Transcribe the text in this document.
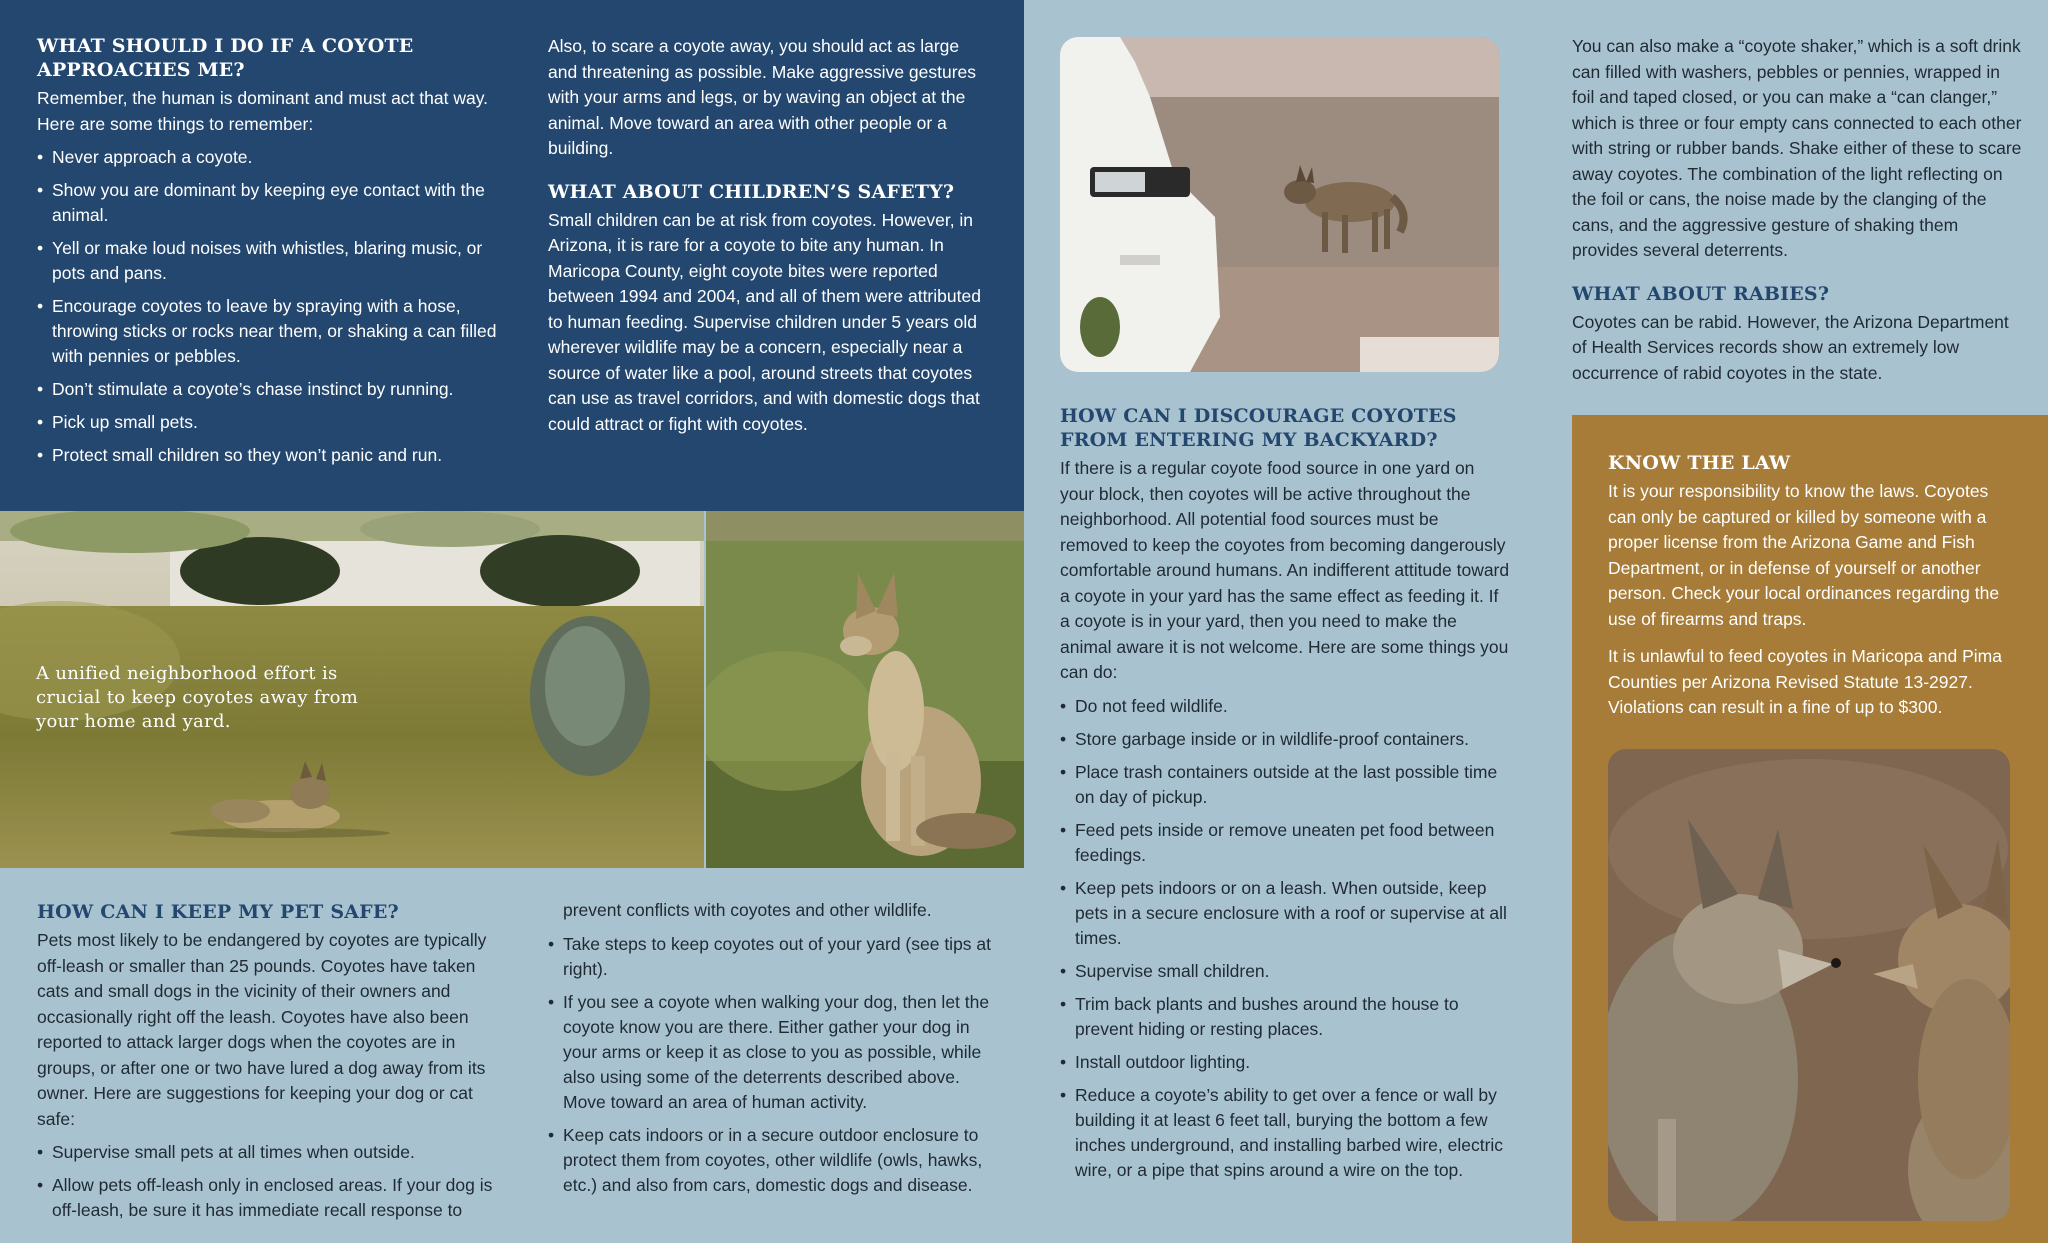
WHAT SHOULD I DO IF A COYOTE APPROACHES ME?

Remember, the human is dominant and must act that way. Here are some things to remember:

• Never approach a coyote.
• Show you are dominant by keeping eye contact with the animal.
• Yell or make loud noises with whistles, blaring music, or pots and pans.
• Encourage coyotes to leave by spraying with a hose, throwing sticks or rocks near them, or shaking a can filled with pennies or pebbles.
• Don’t stimulate a coyote’s chase instinct by running.
• Pick up small pets.
• Protect small children so they won’t panic and run.

Also, to scare a coyote away, you should act as large and threatening as possible. Make aggressive gestures with your arms and legs, or by waving an object at the animal. Move toward an area with other people or a building.

WHAT ABOUT CHILDREN’S SAFETY?

Small children can be at risk from coyotes. However, in Arizona, it is rare for a coyote to bite any human. In Maricopa County, eight coyote bites were reported between 1994 and 2004, and all of them were attributed to human feeding. Supervise children under 5 years old wherever wildlife may be a concern, especially near a source of water like a pool, around streets that coyotes can use as travel corridors, and with domestic dogs that could attract or fight with coyotes.

A unified neighborhood effort is crucial to keep coyotes away from your home and yard.
HOW CAN I KEEP MY PET SAFE?

Pets most likely to be endangered by coyotes are typically off-leash or smaller than 25 pounds. Coyotes have taken cats and small dogs in the vicinity of their owners and occasionally right off the leash. Coyotes have also been reported to attack larger dogs when the coyotes are in groups, or after one or two have lured a dog away from its owner. Here are suggestions for keeping your dog or cat safe:

• Supervise small pets at all times when outside.
• Allow pets off-leash only in enclosed areas. If your dog is off-leash, be sure it has immediate recall response to

prevent conflicts with coyotes and other wildlife.

• Take steps to keep coyotes out of your yard (see tips at right).
• If you see a coyote when walking your dog, then let the coyote know you are there. Either gather your dog in your arms or keep it as close to you as possible, while also using some of the deterrents described above. Move toward an area of human activity.
• Keep cats indoors or in a secure outdoor enclosure to protect them from coyotes, other wildlife (owls, hawks, etc.) and also from cars, domestic dogs and disease.
HOW CAN I DISCOURAGE COYOTES FROM ENTERING MY BACKYARD?

If there is a regular coyote food source in one yard on your block, then coyotes will be active throughout the neighborhood. All potential food sources must be removed to keep the coyotes from becoming dangerously comfortable around humans. An indifferent attitude toward a coyote in your yard has the same effect as feeding it. If a coyote is in your yard, then you need to make the animal aware it is not welcome. Here are some things you can do:

• Do not feed wildlife.
• Store garbage inside or in wildlife-proof containers.
• Place trash containers outside at the last possible time on day of pickup.
• Feed pets inside or remove uneaten pet food between feedings.
• Keep pets indoors or on a leash. When outside, keep pets in a secure enclosure with a roof or supervise at all times.
• Supervise small children.
• Trim back plants and bushes around the house to prevent hiding or resting places.
• Install outdoor lighting.
• Reduce a coyote’s ability to get over a fence or wall by building it at least 6 feet tall, burying the bottom a few inches underground, and installing barbed wire, electric wire, or a pipe that spins around a wire on the top.

You can also make a “coyote shaker,” which is a soft drink can filled with washers, pebbles or pennies, wrapped in foil and taped closed, or you can make a “can clanger,” which is three or four empty cans connected to each other with string or rubber bands. Shake either of these to scare away coyotes. The combination of the light reflecting on the foil or cans, the noise made by the clanging of the cans, and the aggressive gesture of shaking them provides several deterrents.

WHAT ABOUT RABIES?

Coyotes can be rabid. However, the Arizona Department of Health Services records show an extremely low occurrence of rabid coyotes in the state.

KNOW THE LAW

It is your responsibility to know the laws. Coyotes can only be captured or killed by someone with a proper license from the Arizona Game and Fish Department, or in defense of yourself or another person. Check your local ordinances regarding the use of firearms and traps.

It is unlawful to feed coyotes in Maricopa and Pima Counties per Arizona Revised Statute 13-2927. Violations can result in a fine of up to $300.
